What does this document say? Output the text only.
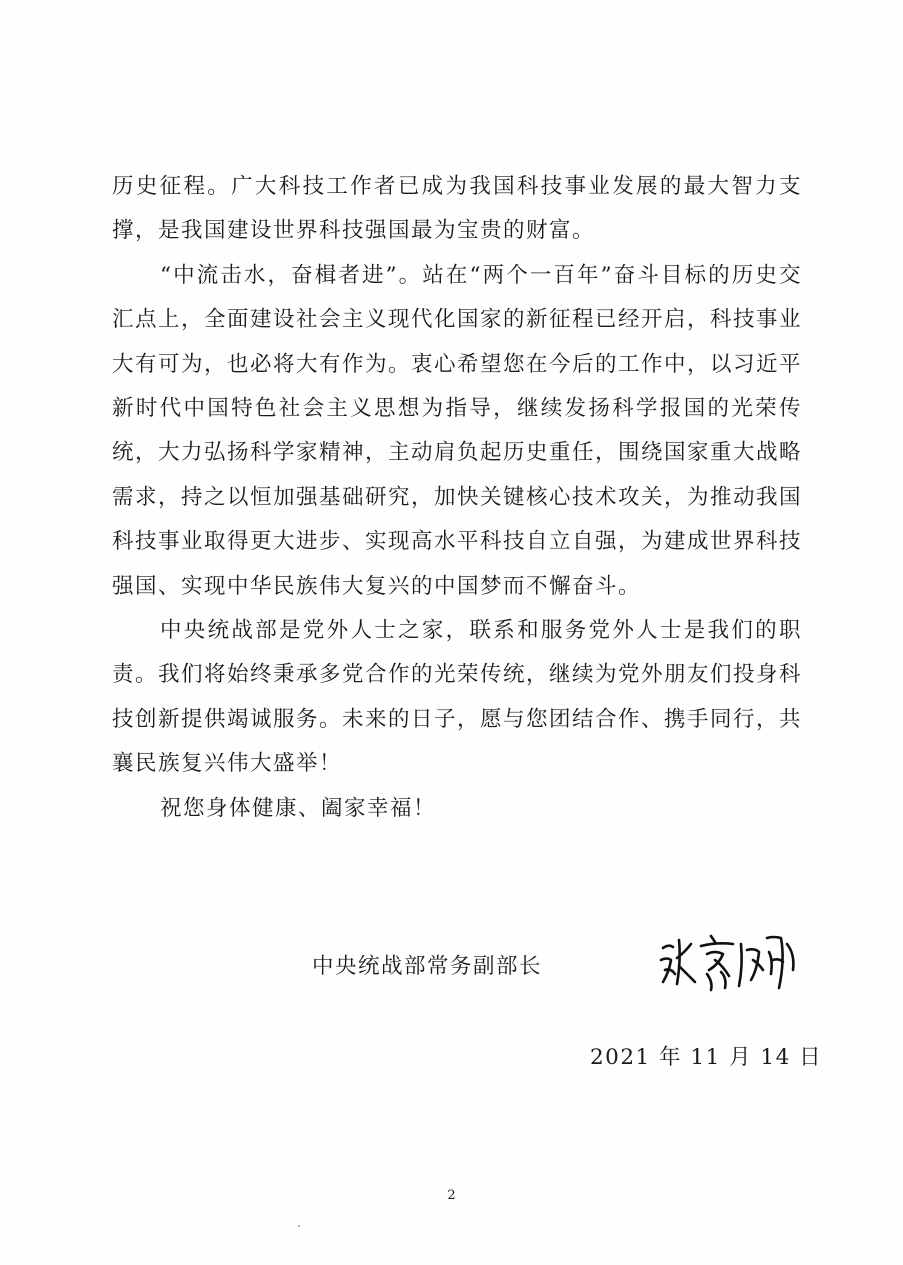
历史征程。广大科技工作者已成为我国科技事业发展的最大智力支撑，是我国建设世界科技强国最为宝贵的财富。

“中流击水，奋楫者进”。站在“两个一百年”奋斗目标的历史交汇点上，全面建设社会主义现代化国家的新征程已经开启，科技事业大有可为，也必将大有作为。衷心希望您在今后的工作中，以习近平新时代中国特色社会主义思想为指导，继续发扬科学报国的光荣传统，大力弘扬科学家精神，主动肩负起历史重任，围绕国家重大战略需求，持之以恒加强基础研究，加快关键核心技术攻关，为推动我国科技事业取得更大进步、实现高水平科技自立自强，为建成世界科技强国、实现中华民族伟大复兴的中国梦而不懈奋斗。

中央统战部是党外人士之家，联系和服务党外人士是我们的职责。我们将始终秉承多党合作的光荣传统，继续为党外朋友们投身科技创新提供竭诚服务。未来的日子，愿与您团结合作、携手同行，共襄民族复兴伟大盛举！

祝您身体健康、阖家幸福！

中央统战部常务副部长
2021 年 11 月 14 日
2
